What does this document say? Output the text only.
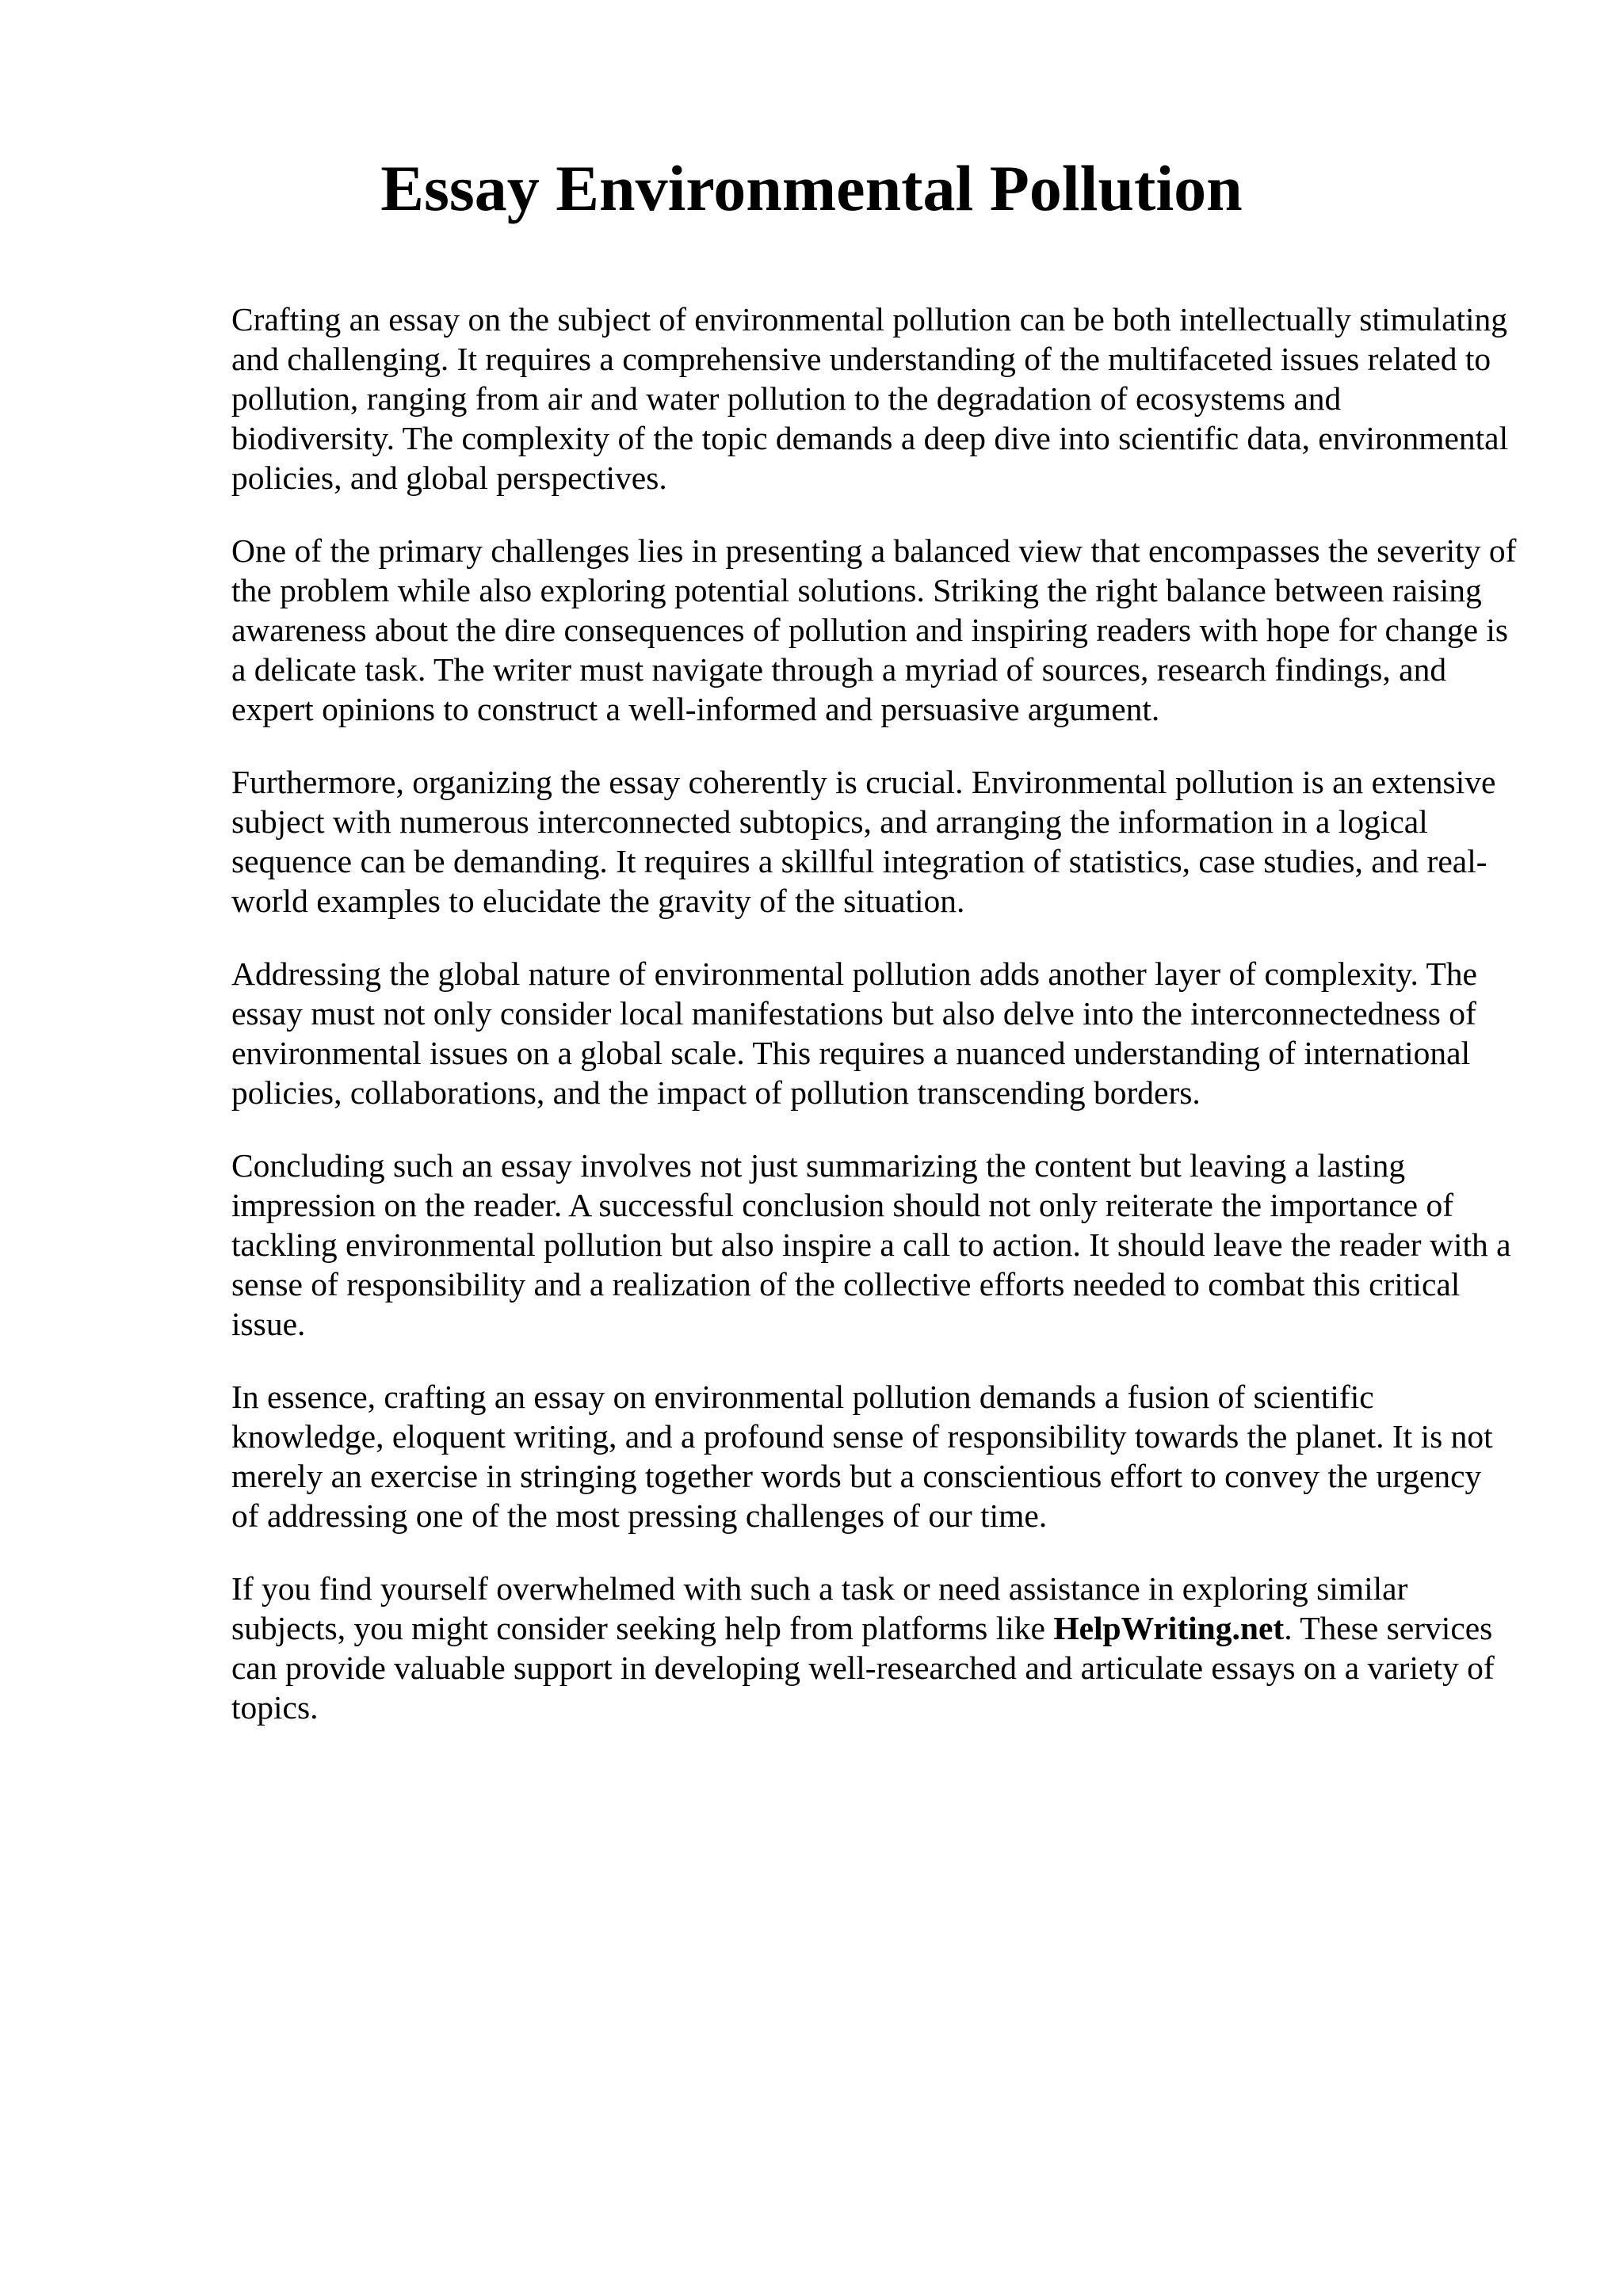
Essay Environmental Pollution

Crafting an essay on the subject of environmental pollution can be both intellectually stimulating
and challenging. It requires a comprehensive understanding of the multifaceted issues related to
pollution, ranging from air and water pollution to the degradation of ecosystems and
biodiversity. The complexity of the topic demands a deep dive into scientific data, environmental
policies, and global perspectives.

One of the primary challenges lies in presenting a balanced view that encompasses the severity of
the problem while also exploring potential solutions. Striking the right balance between raising
awareness about the dire consequences of pollution and inspiring readers with hope for change is
a delicate task. The writer must navigate through a myriad of sources, research findings, and
expert opinions to construct a well-informed and persuasive argument.

Furthermore, organizing the essay coherently is crucial. Environmental pollution is an extensive
subject with numerous interconnected subtopics, and arranging the information in a logical
sequence can be demanding. It requires a skillful integration of statistics, case studies, and real-
world examples to elucidate the gravity of the situation.

Addressing the global nature of environmental pollution adds another layer of complexity. The
essay must not only consider local manifestations but also delve into the interconnectedness of
environmental issues on a global scale. This requires a nuanced understanding of international
policies, collaborations, and the impact of pollution transcending borders.

Concluding such an essay involves not just summarizing the content but leaving a lasting
impression on the reader. A successful conclusion should not only reiterate the importance of
tackling environmental pollution but also inspire a call to action. It should leave the reader with a
sense of responsibility and a realization of the collective efforts needed to combat this critical
issue.

In essence, crafting an essay on environmental pollution demands a fusion of scientific
knowledge, eloquent writing, and a profound sense of responsibility towards the planet. It is not
merely an exercise in stringing together words but a conscientious effort to convey the urgency
of addressing one of the most pressing challenges of our time.

If you find yourself overwhelmed with such a task or need assistance in exploring similar
subjects, you might consider seeking help from platforms like HelpWriting.net. These services
can provide valuable support in developing well-researched and articulate essays on a variety of
topics.
